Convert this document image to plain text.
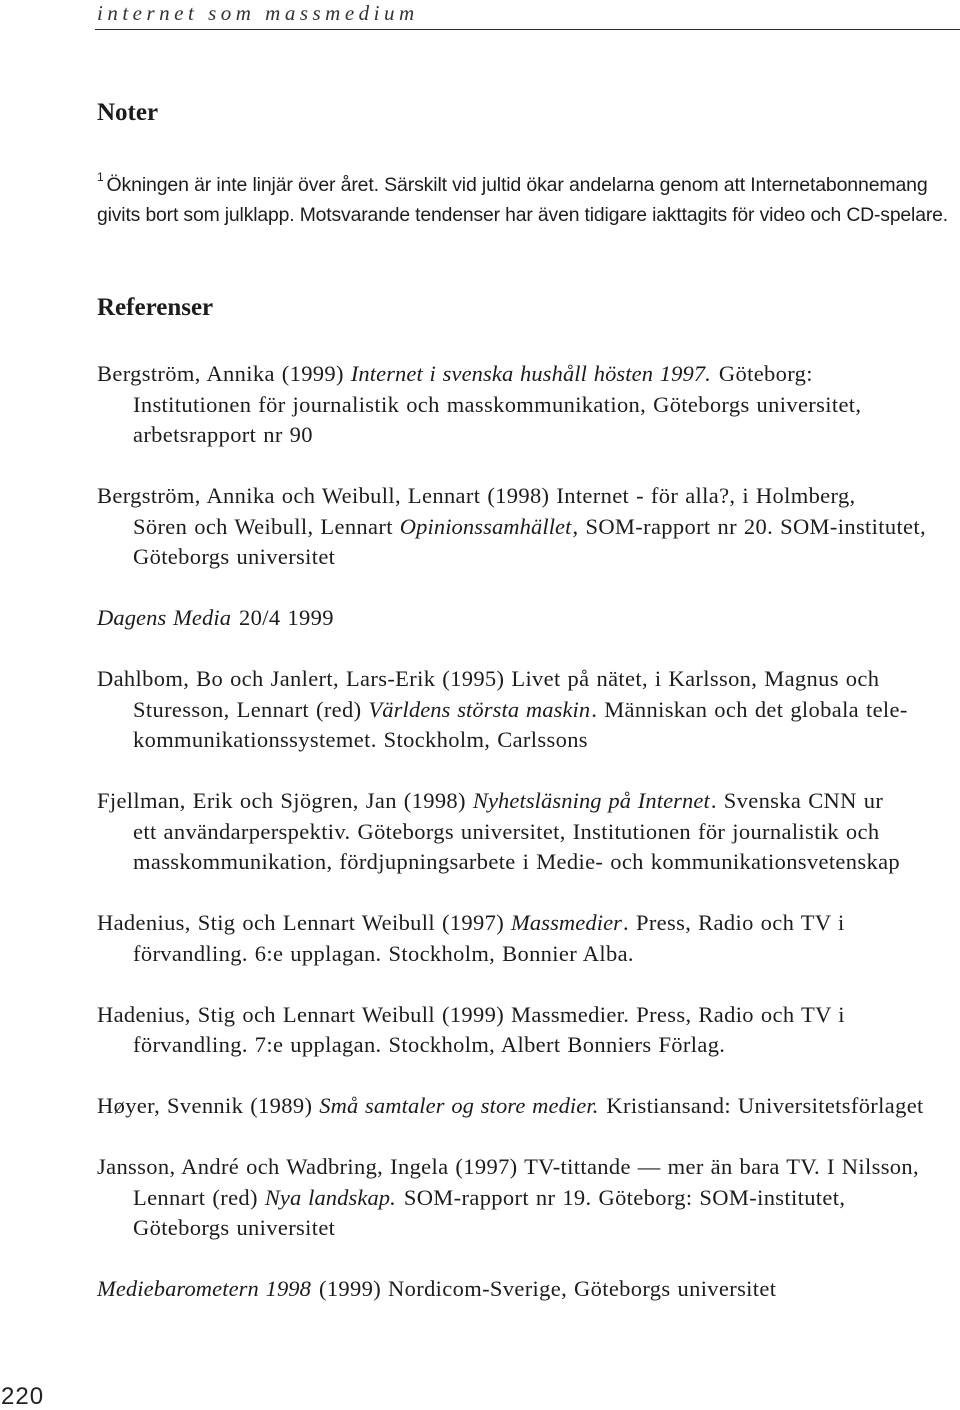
internet som massmedium
Noter
$^1$ Ökningen är inte linjär över året. Särskilt vid jultid ökar andelarna genom att Internetabonnemang
givits bort som julklapp. Motsvarande tendenser har även tidigare iakttagits för video och CD-spelare.
Referenser
Bergström, Annika (1999) Internet i svenska hushåll hösten 1997. Göteborg:
Institutionen för journalistik och masskommunikation, Göteborgs universitet,
arbetsrapport nr 90
Bergström, Annika och Weibull, Lennart (1998) Internet - för alla?, i Holmberg,
Sören och Weibull, Lennart Opinionssamhället, SOM-rapport nr 20. SOM-institutet,
Göteborgs universitet
Dagens Media 20/4 1999
Dahlbom, Bo och Janlert, Lars-Erik (1995) Livet på nätet, i Karlsson, Magnus och
Sturesson, Lennart (red) Världens största maskin. Människan och det globala tele-
kommunikationssystemet. Stockholm, Carlssons
Fjellman, Erik och Sjögren, Jan (1998) Nyhetsläsning på Internet. Svenska CNN ur
ett användarperspektiv. Göteborgs universitet, Institutionen för journalistik och
masskommunikation, fördjupningsarbete i Medie- och kommunikationsvetenskap
Hadenius, Stig och Lennart Weibull (1997) Massmedier. Press, Radio och TV i
förvandling. 6:e upplagan. Stockholm, Bonnier Alba.
Hadenius, Stig och Lennart Weibull (1999) Massmedier. Press, Radio och TV i
förvandling. 7:e upplagan. Stockholm, Albert Bonniers Förlag.
Høyer, Svennik (1989) Små samtaler og store medier. Kristiansand: Universitetsförlaget
Jansson, André och Wadbring, Ingela (1997) TV-tittande — mer än bara TV. I Nilsson,
Lennart (red) Nya landskap. SOM-rapport nr 19. Göteborg: SOM-institutet,
Göteborgs universitet
Mediebarometern 1998 (1999) Nordicom-Sverige, Göteborgs universitet
220
